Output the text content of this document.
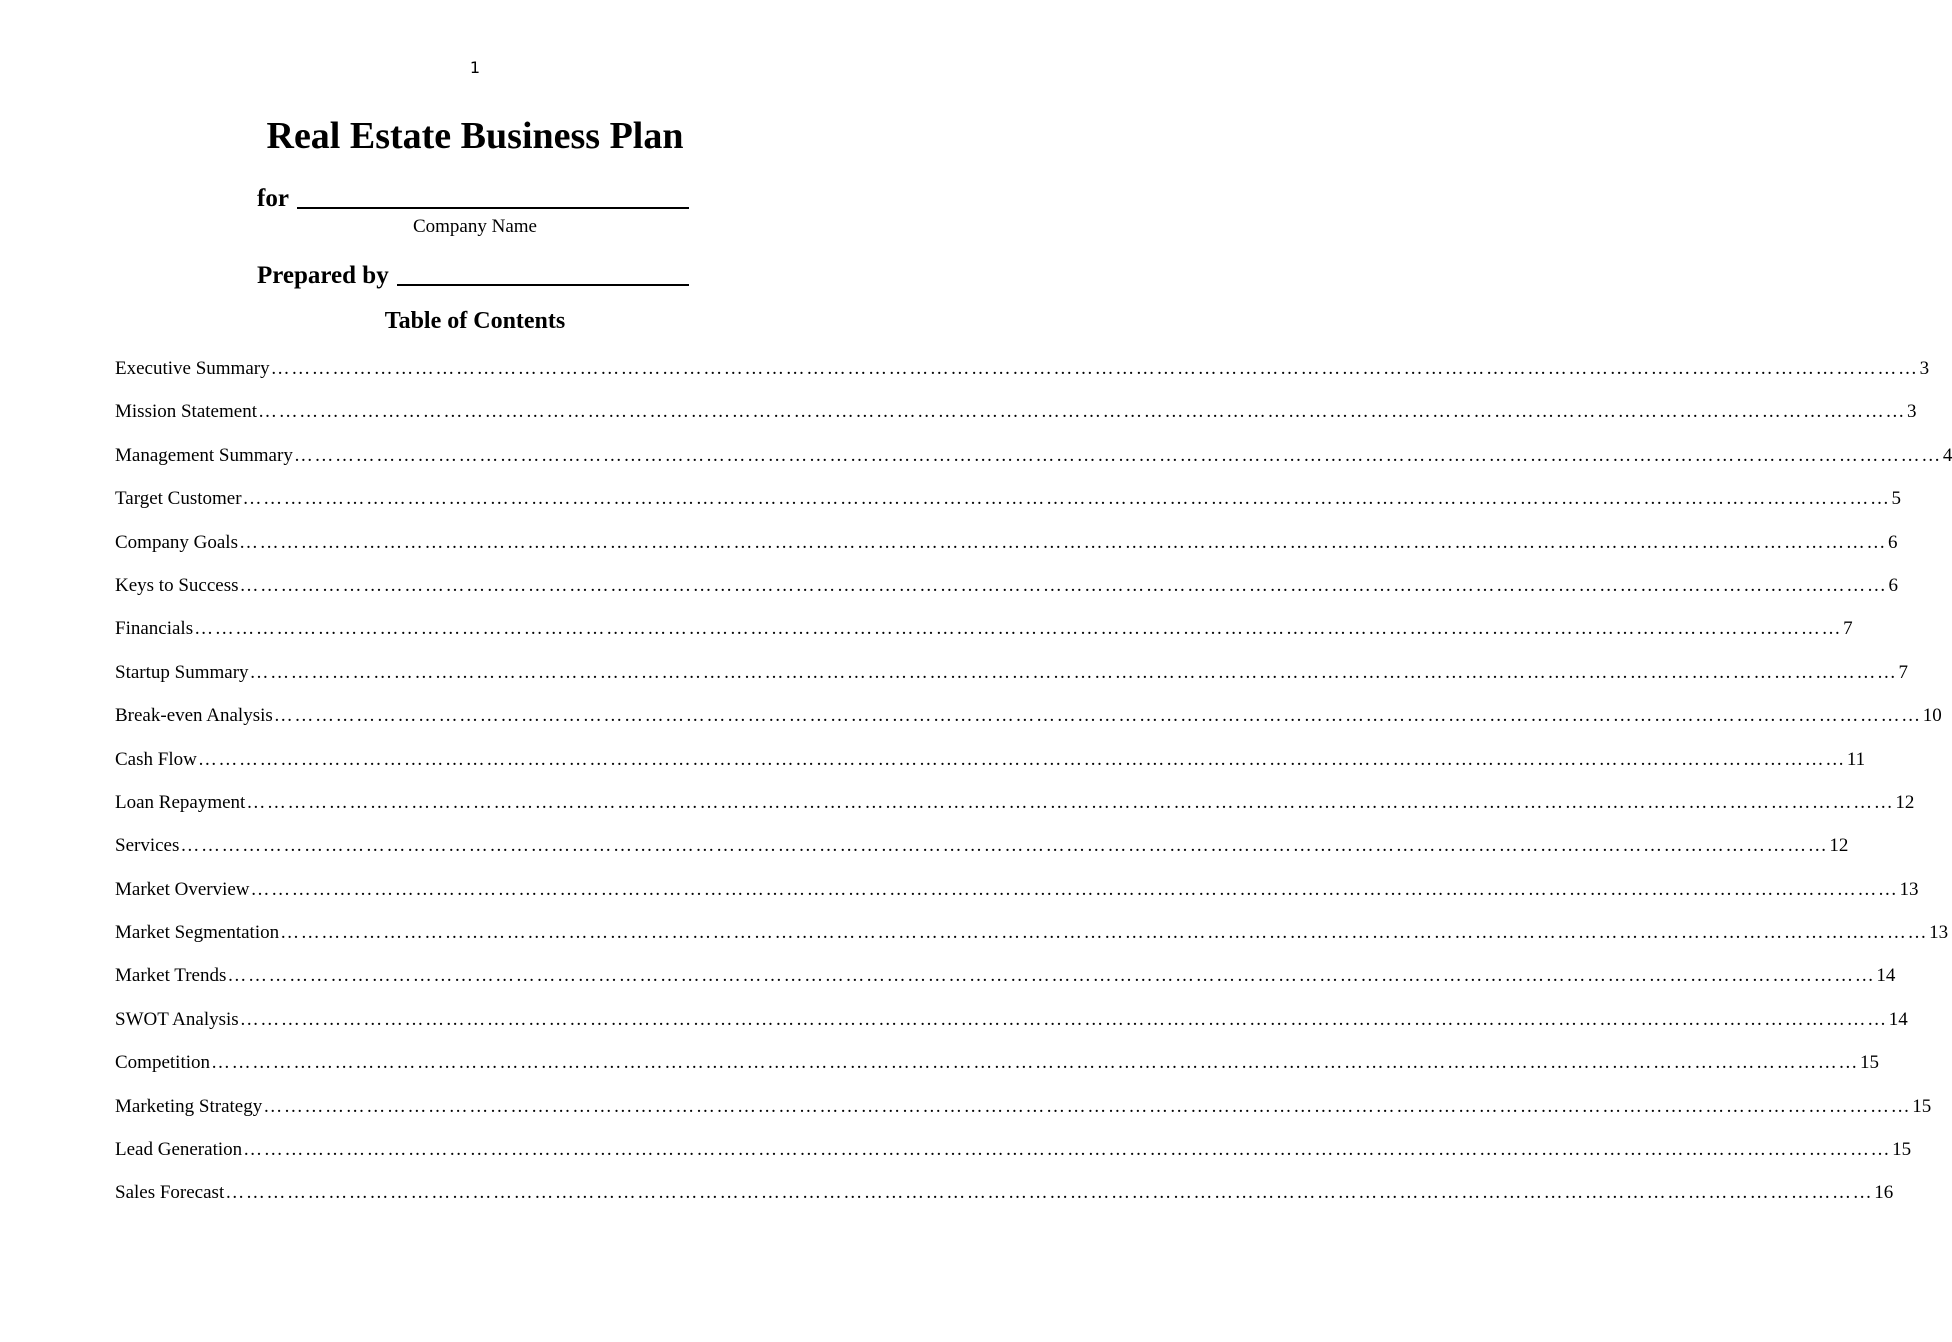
1
Real Estate Business Plan
for
Company Name
Prepared by
Table of Contents
Executive Summary …………………………………………………………………………………………………………………………………………………………………………………………………………………… 3
Mission Statement …………………………………………………………………………………………………………………………………………………………………………………………………………………… 3
Management Summary …………………………………………………………………………………………………………………………………………………………………………………………………………………… 4
Target Customer …………………………………………………………………………………………………………………………………………………………………………………………………………………… 5
Company Goals …………………………………………………………………………………………………………………………………………………………………………………………………………………… 6
Keys to Success …………………………………………………………………………………………………………………………………………………………………………………………………………………… 6
Financials …………………………………………………………………………………………………………………………………………………………………………………………………………………… 7
Startup Summary …………………………………………………………………………………………………………………………………………………………………………………………………………………… 7
Break-even Analysis …………………………………………………………………………………………………………………………………………………………………………………………………………………… 10
Cash Flow …………………………………………………………………………………………………………………………………………………………………………………………………………………… 11
Loan Repayment …………………………………………………………………………………………………………………………………………………………………………………………………………………… 12
Services …………………………………………………………………………………………………………………………………………………………………………………………………………………… 12
Market Overview …………………………………………………………………………………………………………………………………………………………………………………………………………………… 13
Market Segmentation …………………………………………………………………………………………………………………………………………………………………………………………………………………… 13
Market Trends …………………………………………………………………………………………………………………………………………………………………………………………………………………… 14
SWOT Analysis …………………………………………………………………………………………………………………………………………………………………………………………………………………… 14
Competition …………………………………………………………………………………………………………………………………………………………………………………………………………………… 15
Marketing Strategy …………………………………………………………………………………………………………………………………………………………………………………………………………………… 15
Lead Generation …………………………………………………………………………………………………………………………………………………………………………………………………………………… 15
Sales Forecast …………………………………………………………………………………………………………………………………………………………………………………………………………………… 16
